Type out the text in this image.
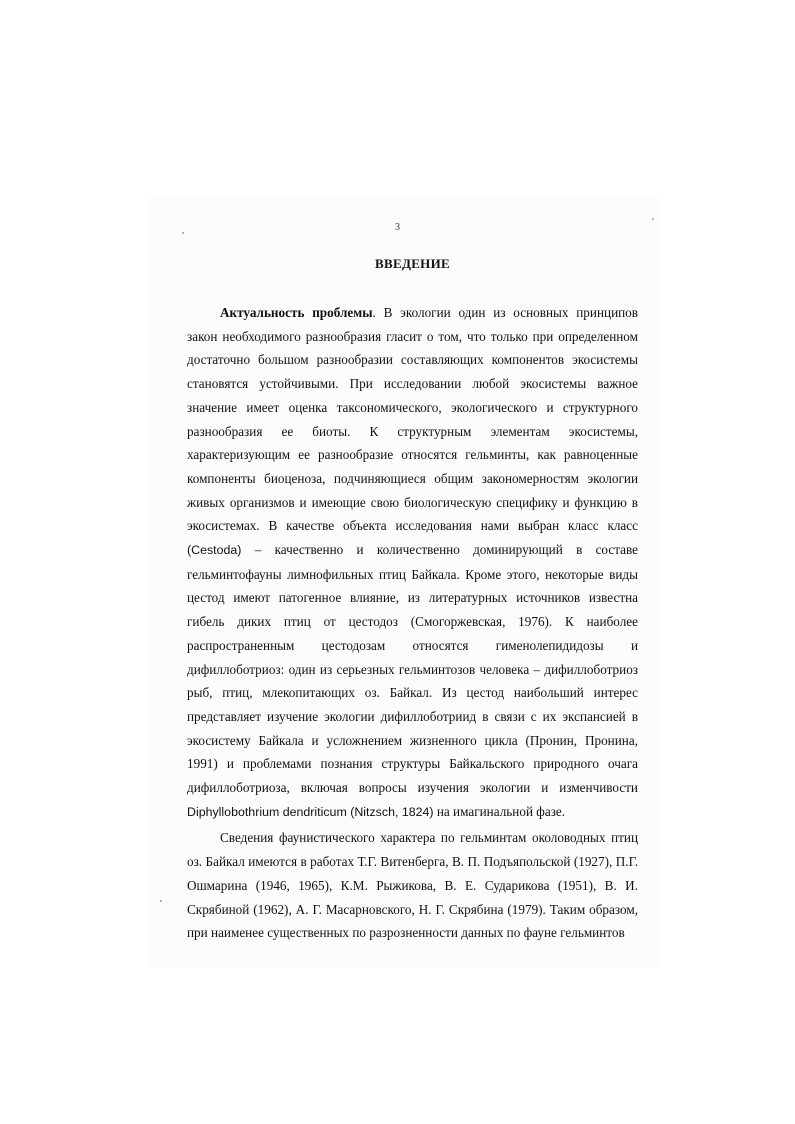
3
ВВЕДЕНИЕ

Актуальность проблемы. В экологии один из основных принципов закон необходимого разнообразия гласит о том, что только при определенном достаточно большом разнообразии составляющих компонентов экосистемы становятся устойчивыми. При исследовании любой экосистемы важное значение имеет оценка таксономического, экологического и структурного разнообразия ее биоты. К структурным элементам экосистемы, характеризующим ее разнообразие относятся гельминты, как равноценные компоненты биоценоза, подчиняющиеся общим закономерностям экологии живых организмов и имеющие свою биологическую специфику и функцию в экосистемах. В качестве объекта исследования нами выбран класс класс (Cestoda) – качественно и количественно доминирующий в составе гельминтофауны лимнофильных птиц Байкала. Кроме этого, некоторые виды цестод имеют патогенное влияние, из литературных источников известна гибель диких птиц от цестодоз (Смогоржевская, 1976). К наиболее распространенным цестодозам относятся гименолепидидозы и дифиллоботриоз: один из серьезных гельминтозов человека – дифиллоботриоз рыб, птиц, млекопитающих оз. Байкал. Из цестод наибольший интерес представляет изучение экологии дифиллоботриид в связи с их экспансией в экосистему Байкала и усложнением жизненного цикла (Пронин, Пронина, 1991) и проблемами познания структуры Байкальского природного очага дифиллоботриоза, включая вопросы изучения экологии и изменчивости Diphyllobothrium dendriticum (Nitzsch, 1824) на имагинальной фазе.

Сведения фаунистического характера по гельминтам околоводных птиц оз. Байкал имеются в работах Т.Г. Витенберга, В. П. Подъяпольской (1927), П.Г. Ошмарина (1946, 1965), К.М. Рыжикова, В. Е. Сударикова (1951), В. И. Скрябиной (1962), А. Г. Масарновского, Н. Г. Скрябина (1979). Таким образом, при наименее существенных по разрозненности данных по фауне гельминтов
